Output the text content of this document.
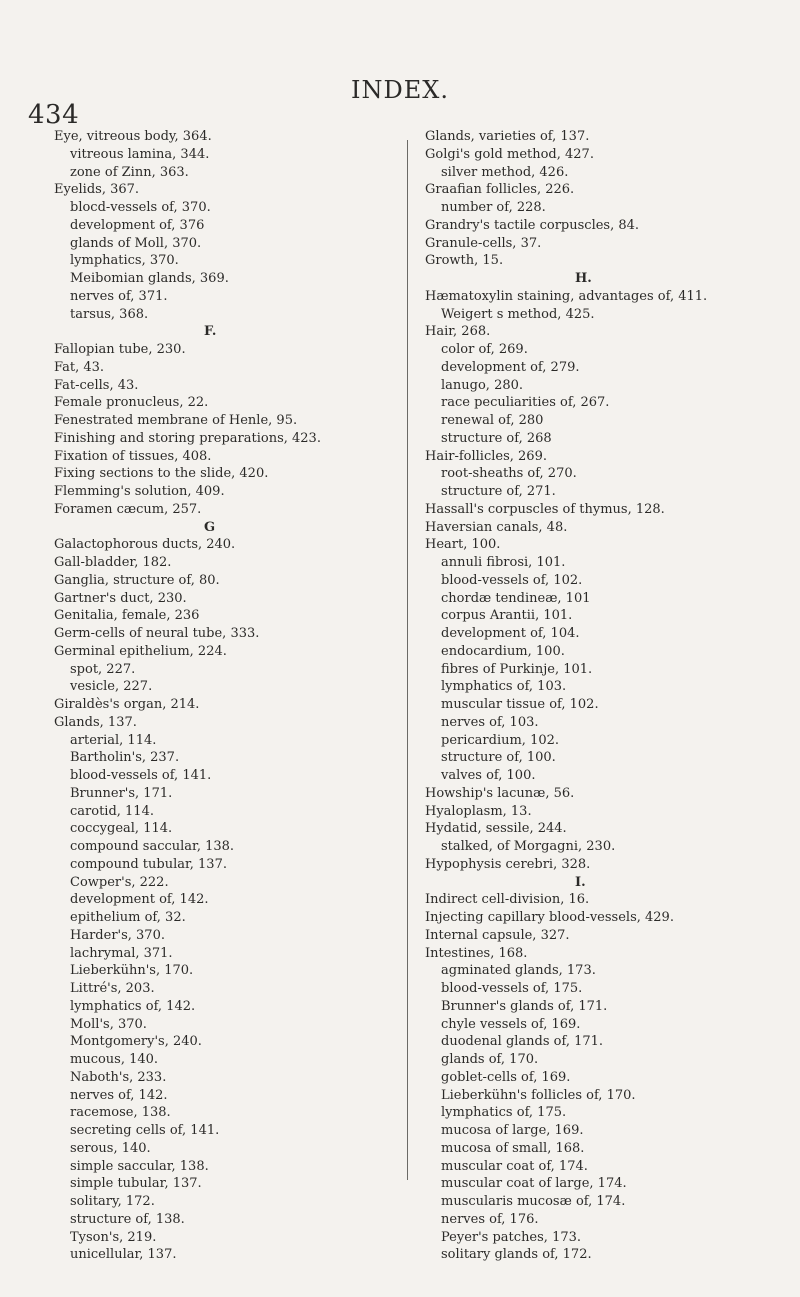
434
INDEX.
Eye, vitreous body, 364.
vitreous lamina, 344.
zone of Zinn, 363.
Eyelids, 367.
blocd-vessels of, 370.
development of, 376
glands of Moll, 370.
lymphatics, 370.
Meibomian glands, 369.
nerves of, 371.
tarsus, 368.
F.
Fallopian tube, 230.
Fat, 43.
Fat-cells, 43.
Female pronucleus, 22.
Fenestrated membrane of Henle, 95.
Finishing and storing preparations, 423.
Fixation of tissues, 408.
Fixing sections to the slide, 420.
Flemming's solution, 409.
Foramen cæcum, 257.
G
Galactophorous ducts, 240.
Gall-bladder, 182.
Ganglia, structure of, 80.
Gartner's duct, 230.
Genitalia, female, 236
Germ-cells of neural tube, 333.
Germinal epithelium, 224.
spot, 227.
vesicle, 227.
Giraldès's organ, 214.
Glands, 137.
arterial, 114.
Bartholin's, 237.
blood-vessels of, 141.
Brunner's, 171.
carotid, 114.
coccygeal, 114.
compound saccular, 138.
compound tubular, 137.
Cowper's, 222.
development of, 142.
epithelium of, 32.
Harder's, 370.
lachrymal, 371.
Lieberkühn's, 170.
Littré's, 203.
lymphatics of, 142.
Moll's, 370.
Montgomery's, 240.
mucous, 140.
Naboth's, 233.
nerves of, 142.
racemose, 138.
secreting cells of, 141.
serous, 140.
simple saccular, 138.
simple tubular, 137.
solitary, 172.
structure of, 138.
Tyson's, 219.
unicellular, 137.
Glands, varieties of, 137.
Golgi's gold method, 427.
silver method, 426.
Graafian follicles, 226.
number of, 228.
Grandry's tactile corpuscles, 84.
Granule-cells, 37.
Growth, 15.
H.
Hæmatoxylin staining, advantages of, 411.
Weigert s method, 425.
Hair, 268.
color of, 269.
development of, 279.
lanugo, 280.
race peculiarities of, 267.
renewal of, 280
structure of, 268
Hair-follicles, 269.
root-sheaths of, 270.
structure of, 271.
Hassall's corpuscles of thymus, 128.
Haversian canals, 48.
Heart, 100.
annuli fibrosi, 101.
blood-vessels of, 102.
chordæ tendineæ, 101
corpus Arantii, 101.
development of, 104.
endocardium, 100.
fibres of Purkinje, 101.
lymphatics of, 103.
muscular tissue of, 102.
nerves of, 103.
pericardium, 102.
structure of, 100.
valves of, 100.
Howship's lacunæ, 56.
Hyaloplasm, 13.
Hydatid, sessile, 244.
stalked, of Morgagni, 230.
Hypophysis cerebri, 328.
I.
Indirect cell-division, 16.
Injecting capillary blood-vessels, 429.
Internal capsule, 327.
Intestines, 168.
agminated glands, 173.
blood-vessels of, 175.
Brunner's glands of, 171.
chyle vessels of, 169.
duodenal glands of, 171.
glands of, 170.
goblet-cells of, 169.
Lieberkühn's follicles of, 170.
lymphatics of, 175.
mucosa of large, 169.
mucosa of small, 168.
muscular coat of, 174.
muscular coat of large, 174.
muscularis mucosæ of, 174.
nerves of, 176.
Peyer's patches, 173.
solitary glands of, 172.
